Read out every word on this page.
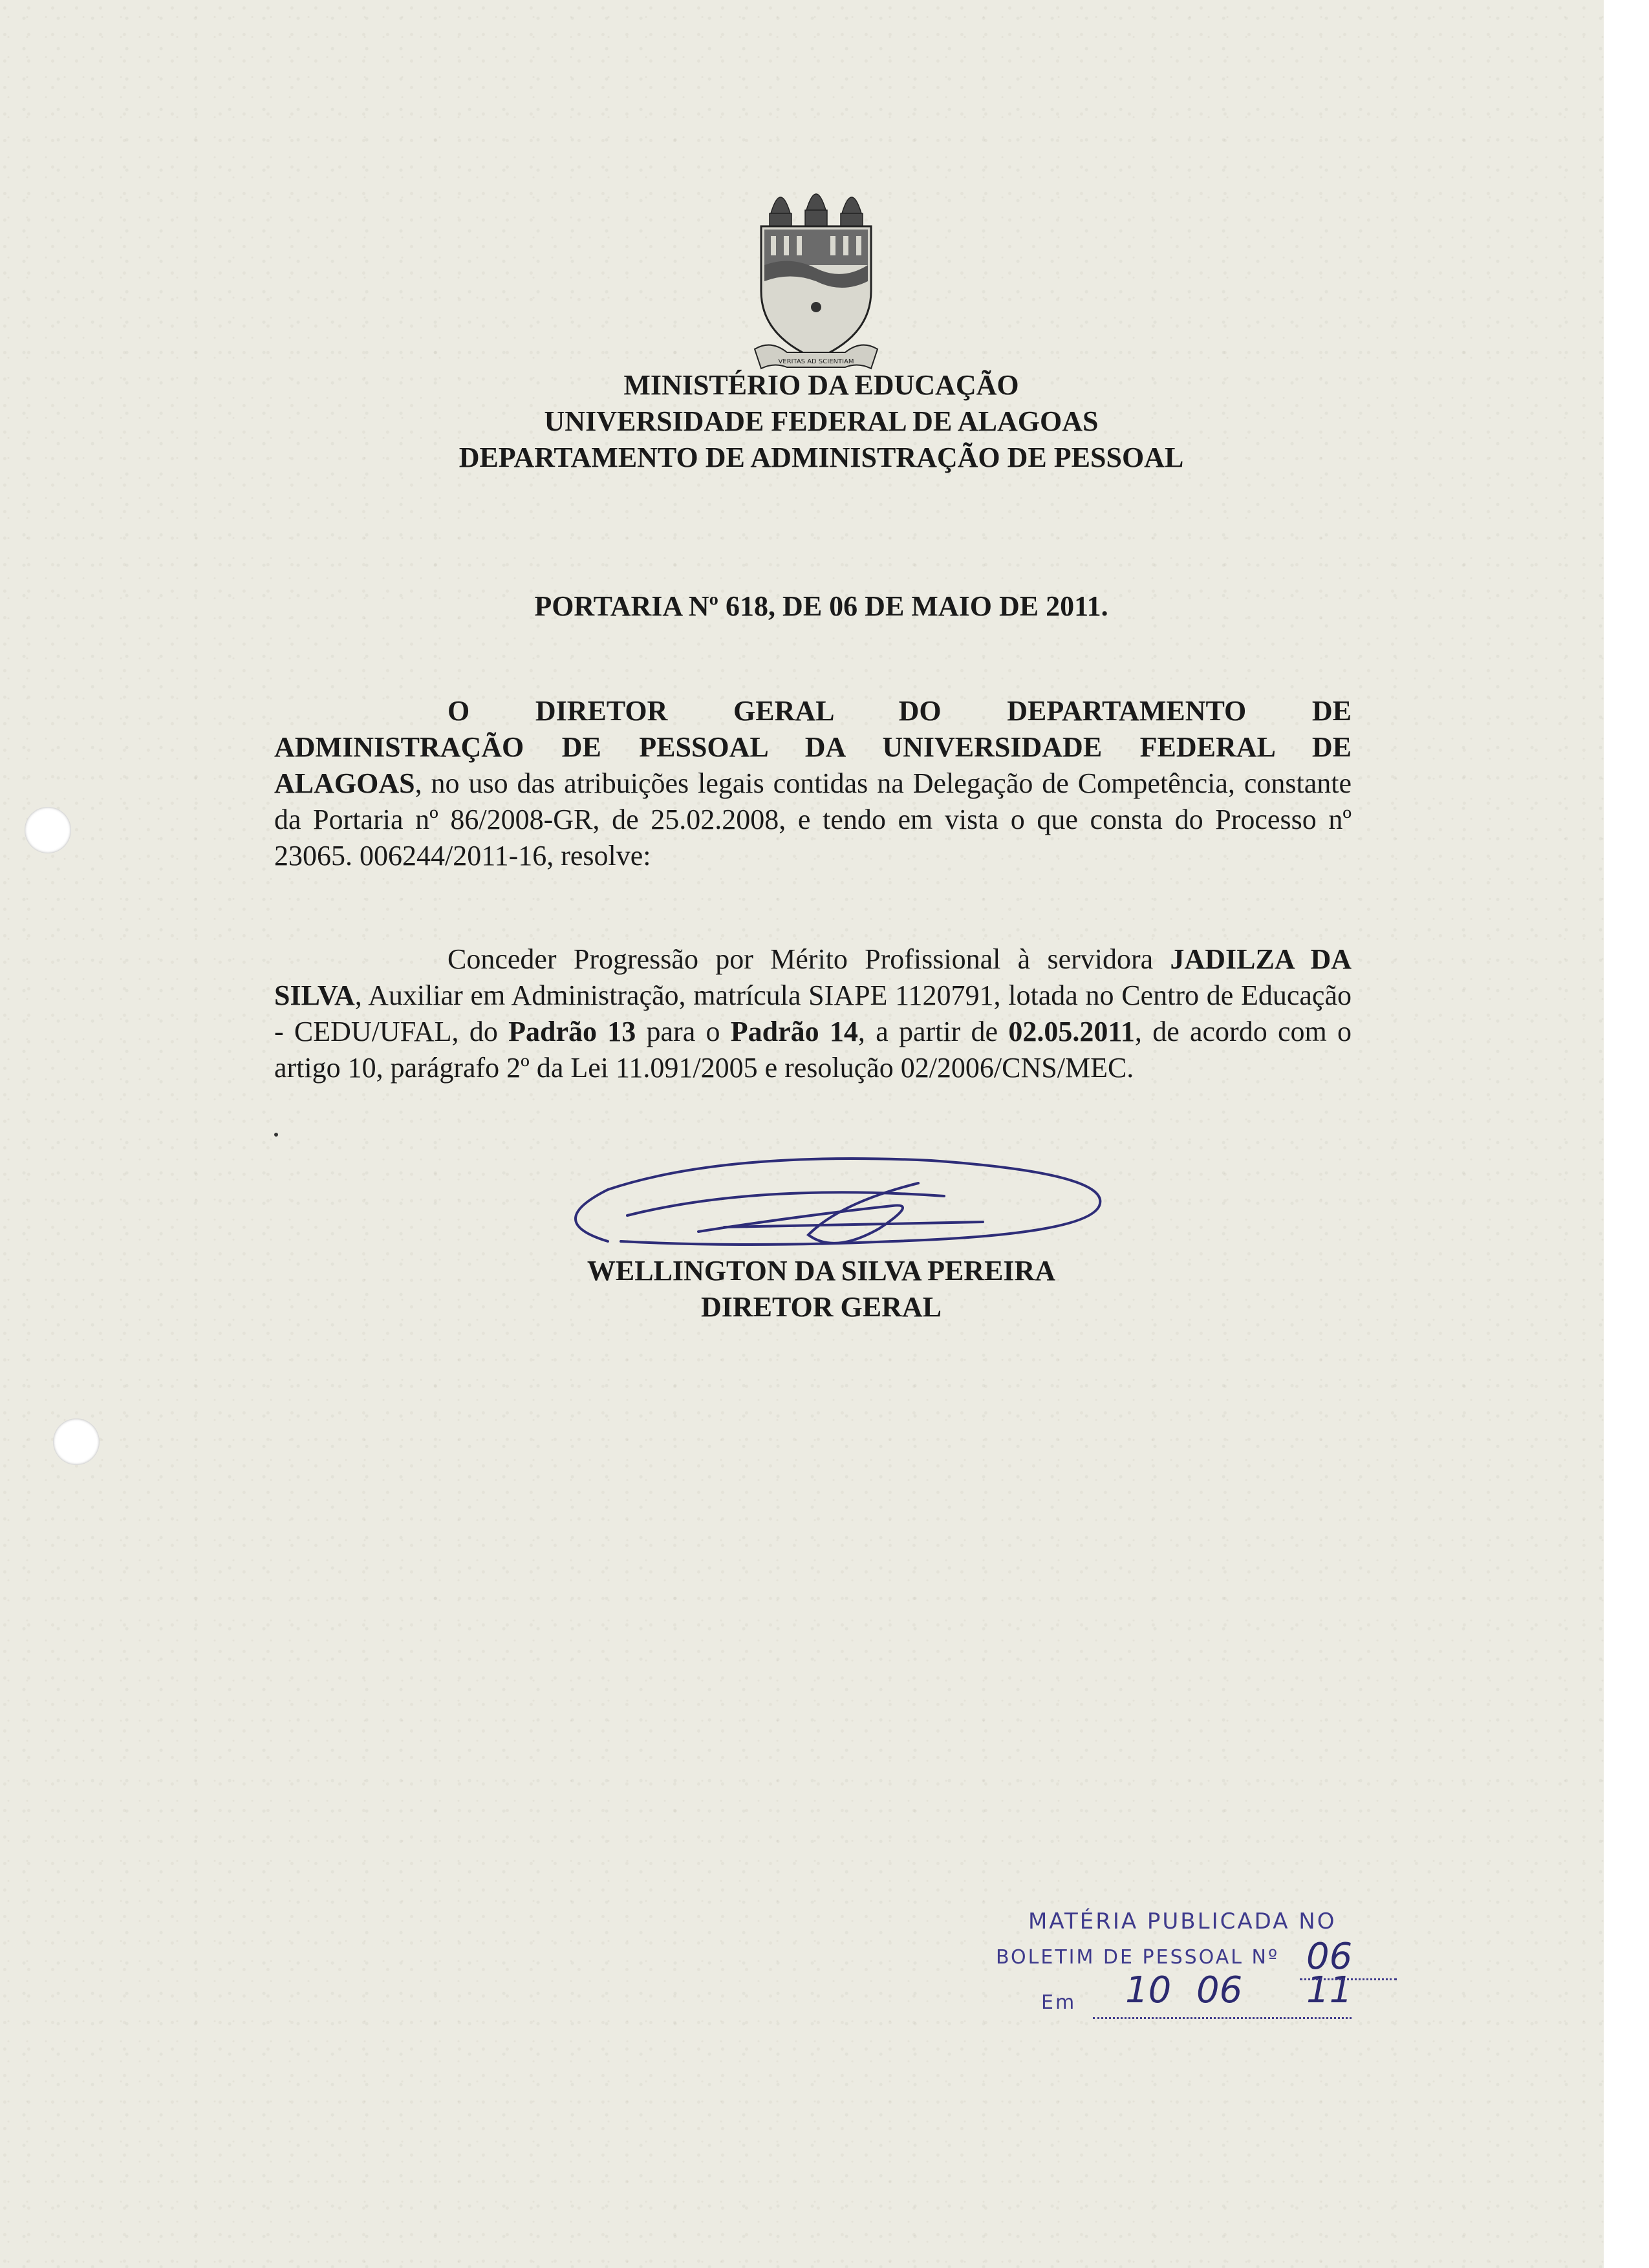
VERITAS AD SCIENTIAM
MINISTÉRIO DA EDUCAÇÃO
UNIVERSIDADE FEDERAL DE ALAGOAS
DEPARTAMENTO DE ADMINISTRAÇÃO DE PESSOAL
PORTARIA Nº 618, DE 06 DE MAIO DE 2011.
O DIRETOR GERAL DO DEPARTAMENTO DE ADMINISTRAÇÃO DE PESSOAL DA UNIVERSIDADE FEDERAL DE ALAGOAS, no uso das atribuições legais contidas na Delegação de Competência, constante da Portaria nº 86/2008-GR, de 25.02.2008, e tendo em vista o que consta do Processo nº 23065. 006244/2011-16, resolve:
Conceder Progressão por Mérito Profissional à servidora JADILZA DA SILVA, Auxiliar em Administração, matrícula SIAPE 1120791, lotada no Centro de Educação - CEDU/UFAL, do Padrão 13 para o Padrão 14, a partir de 02.05.2011, de acordo com o artigo 10, parágrafo 2º da Lei 11.091/2005 e resolução 02/2006/CNS/MEC.
WELLINGTON DA SILVA PEREIRA
DIRETOR GERAL
MATÉRIA PUBLICADA NO
BOLETIM DE PESSOAL Nº
Em
06
10 06 11
